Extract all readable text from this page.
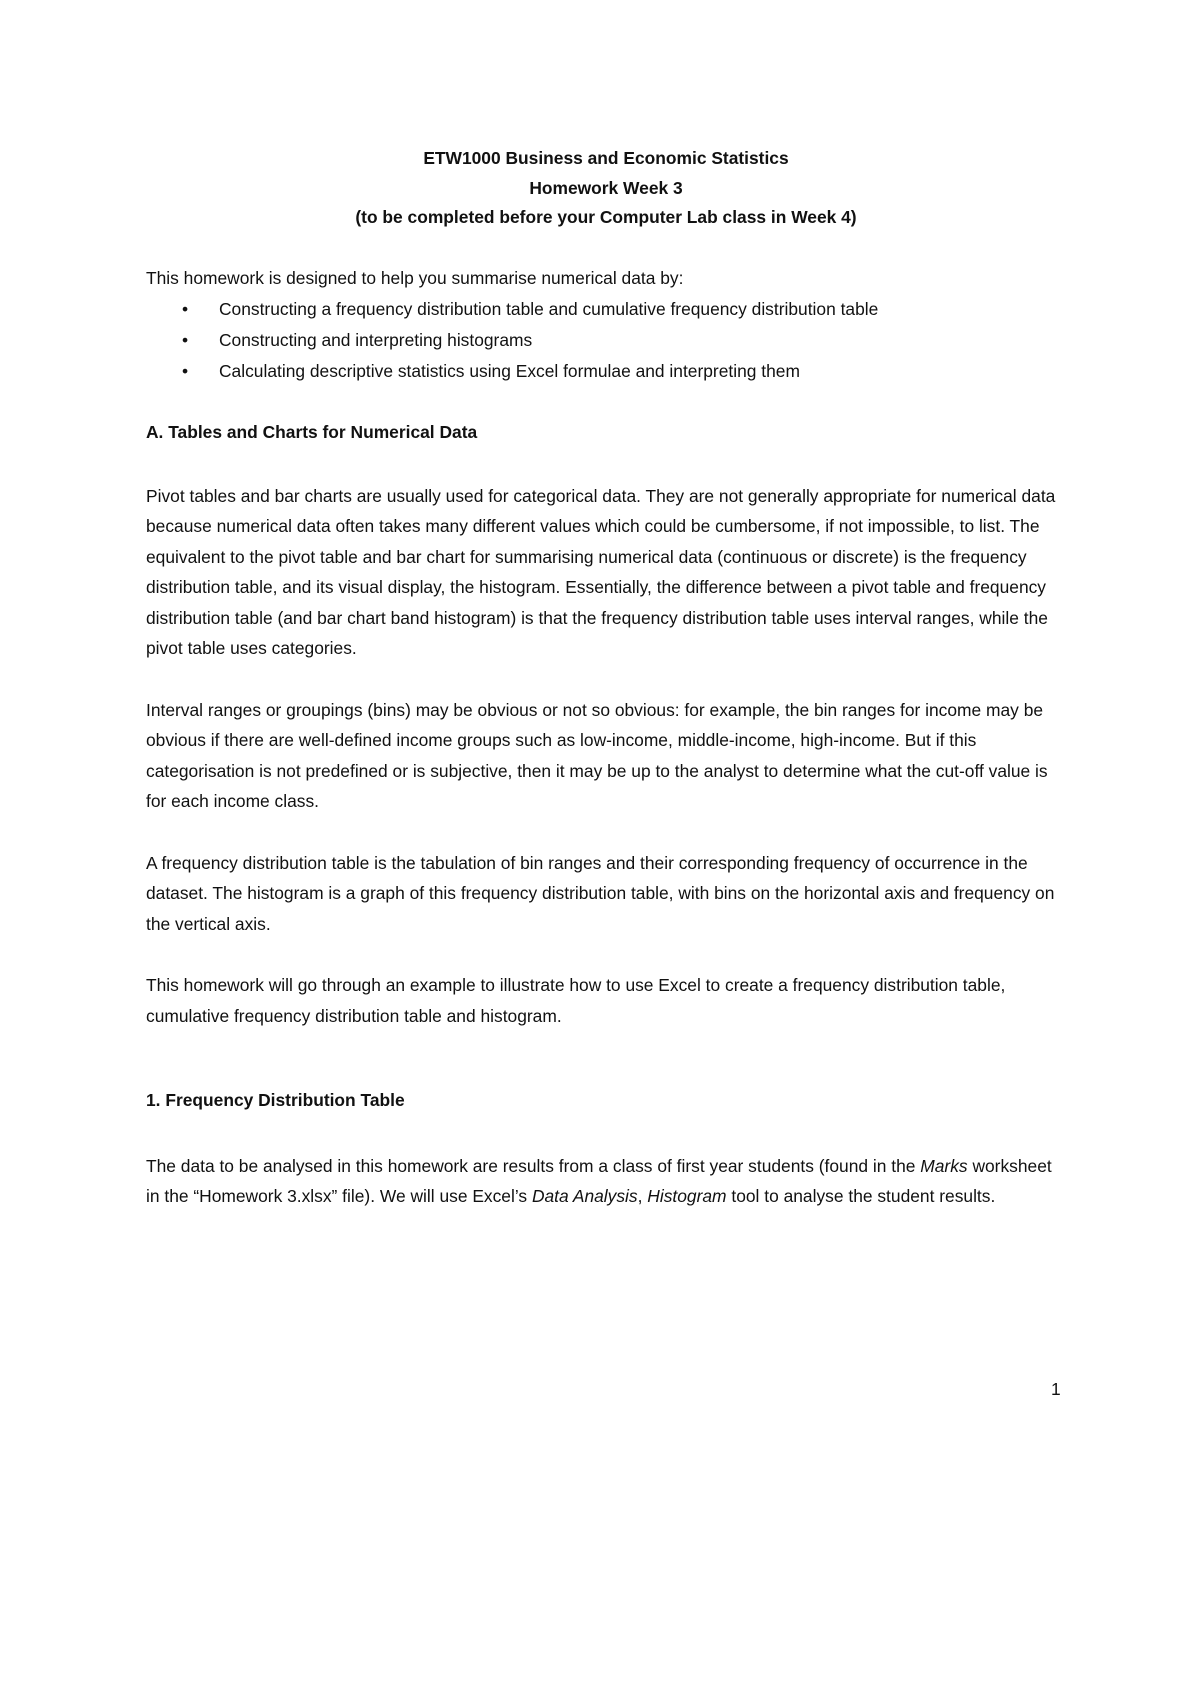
ETW1000 Business and Economic Statistics
Homework Week 3
(to be completed before your Computer Lab class in Week 4)

This homework is designed to help you summarise numerical data by:

• Constructing a frequency distribution table and cumulative frequency distribution table
• Constructing and interpreting histograms
• Calculating descriptive statistics using Excel formulae and interpreting them

A. Tables and Charts for Numerical Data

Pivot tables and bar charts are usually used for categorical data. They are not generally appropriate for numerical data because numerical data often takes many different values which could be cumbersome, if not impossible, to list. The equivalent to the pivot table and bar chart for summarising numerical data (continuous or discrete) is the frequency distribution table, and its visual display, the histogram. Essentially, the difference between a pivot table and frequency distribution table (and bar chart band histogram) is that the frequency distribution table uses interval ranges, while the pivot table uses categories.

Interval ranges or groupings (bins) may be obvious or not so obvious: for example, the bin ranges for income may be obvious if there are well-defined income groups such as low-income, middle-income, high-income. But if this categorisation is not predefined or is subjective, then it may be up to the analyst to determine what the cut-off value is for each income class.

A frequency distribution table is the tabulation of bin ranges and their corresponding frequency of occurrence in the dataset. The histogram is a graph of this frequency distribution table, with bins on the horizontal axis and frequency on the vertical axis.

This homework will go through an example to illustrate how to use Excel to create a frequency distribution table, cumulative frequency distribution table and histogram.

1. Frequency Distribution Table

The data to be analysed in this homework are results from a class of first year students (found in the Marks worksheet in the “Homework 3.xlsx” file). We will use Excel’s Data Analysis, Histogram tool to analyse the student results.

1
